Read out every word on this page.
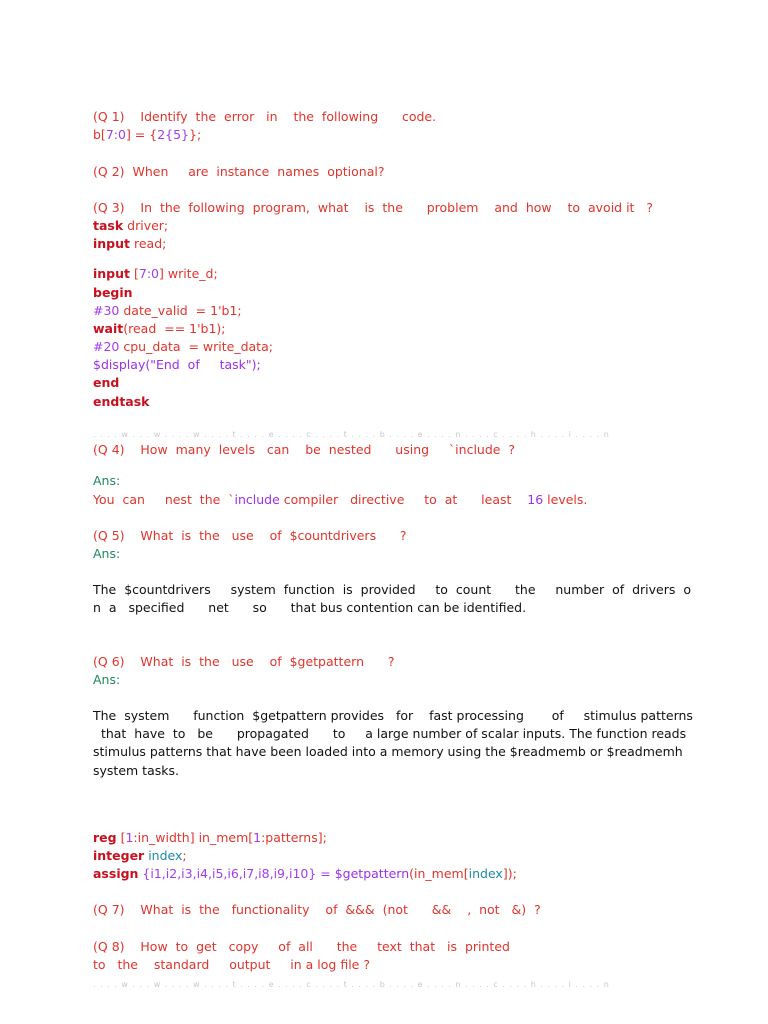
(Q 1)    Identify  the  error   in    the  following      code.
b[7:0] = {2{5}};
(Q 2)  When     are  instance  names  optional?
(Q 3)    In  the  following  program,  what    is  the      problem    and  how    to  avoid it   ?
task driver;
input read;
input [7:0] write_d;
begin
#30 date_valid  = 1'b1;
wait(read  == 1'b1);
#20 cpu_data  = write_data;
$display("End  of     task");
end
endtask
. . . . w . . . w . . . . w . . . . t . . . . e . . . . c . . . . t . . . . b . . . . e . . . . n . . . . c . . . . h . . . . i . . . . n
(Q 4)    How  many  levels   can    be  nested      using     `include  ?
Ans:
You  can     nest  the  `include compiler   directive     to  at      least    16 levels.
(Q 5)    What  is  the   use    of  $countdrivers      ?
Ans:
The  $countdrivers     system  function  is  provided     to  count      the     number  of  drivers  o
n  a   specified      net      so      that bus contention can be identified.
(Q 6)    What  is  the   use    of  $getpattern      ?
Ans:
The  system      function  $getpattern provides   for    fast processing       of     stimulus patterns
that  have  to   be      propagated      to     a large number of scalar inputs. The function reads
stimulus patterns that have been loaded into a memory using the $readmemb or $readmemh
system tasks.
reg [1:in_width] in_mem[1:patterns];
integer index;
assign {i1,i2,i3,i4,i5,i6,i7,i8,i9,i10} = $getpattern(in_mem[index]);
(Q 7)    What  is  the   functionality    of  &&&  (not      &&    ,  not   &)  ?
(Q 8)    How  to  get   copy     of  all      the     text  that   is  printed
to   the    standard     output     in a log file ?
. . . . w . . . w . . . . w . . . . t . . . . e . . . . c . . . . t . . . . b . . . . e . . . . n . . . . c . . . . h . . . . i . . . . n
